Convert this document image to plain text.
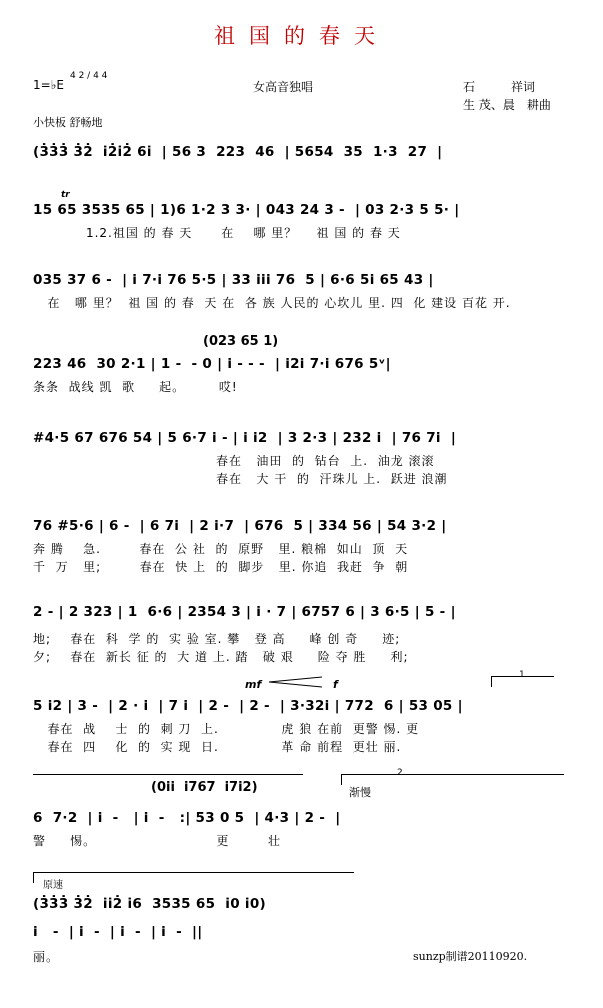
祖国的春天
1=♭E
4 2 / 4 4
女高音独唱	石　　　祥词
生 茂、晨　耕曲
小快板 舒畅地
(3̇3̇3̇ 3̇2̇  i̇2̇i̇2̇ 6i̇  | 56 3  223  46  | 5654  35  1·3  27  |
tr
15 65 3535 65 | 1)6 1·2 3 3· | 043 24 3 -  | 03 2·3 5 5· |
1.2.祖国 的 春 天      在    哪 里？    祖 国 的 春 天
035 37 6 -  | i 7·i 76 5·5 | 33 iii 76  5 | 6·6 5i 65 43 |
在   哪 里？  祖 国 的 春  天 在  各 族 人民的 心坎儿 里. 四  化 建设 百花 开.
(023 65 1)
223 46  30 2·1 | 1 -  - 0 | i - - -  | i2i 7·i 676 5ᵛ|
条条  战线 凯  歌     起。       哎!
#4·5 67 676 54 | 5 6·7 i - | i i2  | 3 2·3 | 232 i  | 76 7i  |
春在   油田  的  钻台  上.  油龙 滚滚
春在   大 干  的  汗珠儿 上.  跃进 浪潮
76 #5·6 | 6 -  | 6 7i  | 2 i·7  | 676  5 | 334 56 | 54 3·2 |
奔 腾    急.        春在  公 社  的  原野   里. 粮棉  如山  顶  天
千  万   里;        春在  快 上  的  脚步   里. 你追  我赶  争  朝
2 - | 2 323 | 1  6·6 | 2354 3 | i · 7 | 6757 6 | 3 6·5 | 5 - |
地;    春在  科  学 的  实 验 室. 攀   登 高     峰 创 奇     迹;
夕;    春在  新长 征 的  大 道 上. 踏   破 艰     险 夺 胜     利;
mf	f
1
5 i2 | 3 -  | 2 · i  | 7 i  | 2 -  | 2 -  | 3·32i | 772  6 | 53 05 |
春在  战    士  的  刺 刀  上.             虎 狼 在前  更警 惕. 更
春在  四    化  的  实 现  日.             革 命 前程  更壮 丽.
2
(0ii  i767  i7i2)	渐慢
6  7·2  | i  -   | i  -   :| 53 0 5  | 4·3 | 2 -  |
警     惕。                         更        壮
原速
(3̇3̇3̇ 3̇2̇  i̇i̇2̇ i̇6  3535 65  i̇0 i̇0)
i   -  | i  -  | i  -  | i  -  ||
丽。	sunzp制谱20110920.
